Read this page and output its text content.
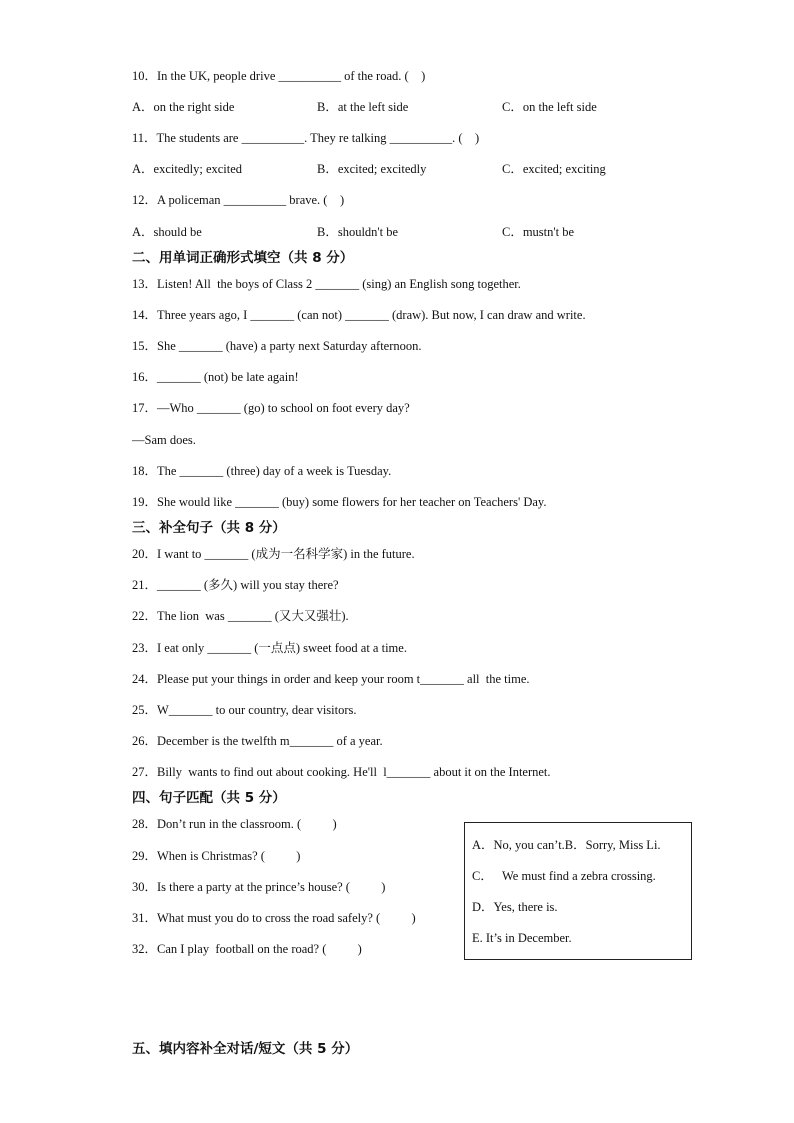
10．In the UK, people drive __________ of the road. (    )
A．on the right side	B．at the left side	C．on the left side
11．The students are __________. They re talking __________. (    )
A．excitedly; excited	B．excited; excitedly	C．excited; exciting
12．A policeman __________ brave. (    )
A．should be	B．shouldn't be	C．mustn't be
二、用单词正确形式填空（共 8 分）
13．Listen! All  the boys of Class 2 _______ (sing) an English song together.
14．Three years ago, I _______ (can not) _______ (draw). But now, I can draw and write.
15．She _______ (have) a party next Saturday afternoon.
16．_______ (not) be late again!
17．—Who _______ (go) to school on foot every day?
—Sam does.
18．The _______ (three) day of a week is Tuesday.
19．She would like _______ (buy) some flowers for her teacher on Teachers' Day.
三、补全句子（共 8 分）
20．I want to _______ (成为一名科学家) in the future.
21．_______ (多久) will you stay there?
22．The lion  was _______ (又大又强壮).
23．I eat only _______ (一点点) sweet food at a time.
24．Please put your things in order and keep your room t_______ all  the time.
25．W_______ to our country, dear visitors.
26．December is the twelfth m_______ of a year.
27．Billy  wants to find out about cooking. He'll  l_______ about it on the Internet.
四、句子匹配（共 5 分）
28．Don’t run in the classroom. (          )
29．When is Christmas? (          )
30．Is there a party at the prince’s house? (          )
31．What must you do to cross the road safely? (          )
32．Can I play  football on the road? (          )
A．No, you can’t.B．Sorry, Miss Li.
C．   We must find a zebra crossing.
D．Yes, there is.
E. It’s in December.
五、填内容补全对话/短文（共 5 分）
